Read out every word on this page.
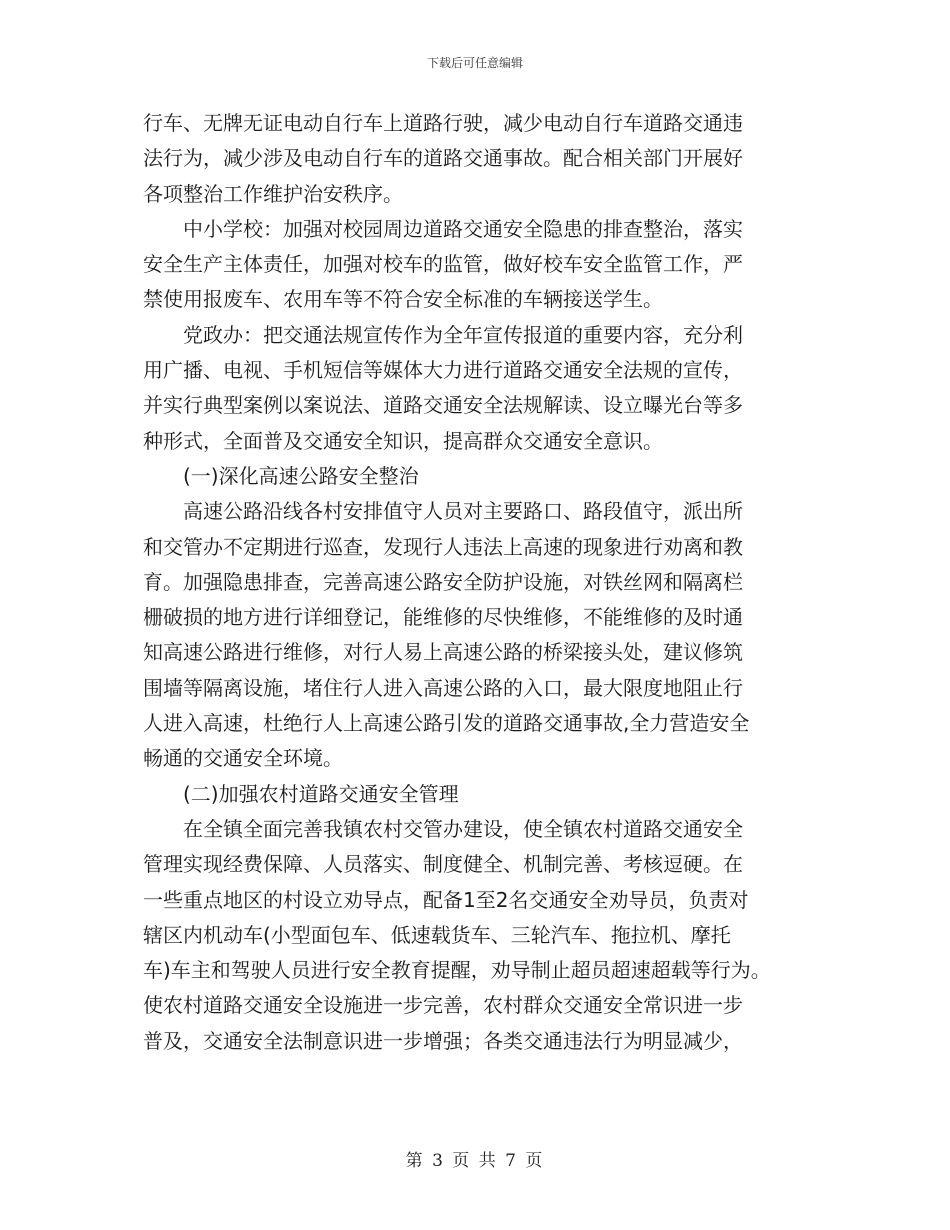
下载后可任意编辑
行车、无牌无证电动自行车上道路行驶，减少电动自行车道路交通违
法行为，减少涉及电动自行车的道路交通事故。配合相关部门开展好
各项整治工作维护治安秩序。
中小学校：加强对校园周边道路交通安全隐患的排查整治，落实
安全生产主体责任，加强对校车的监管，做好校车安全监管工作，严
禁使用报废车、农用车等不符合安全标准的车辆接送学生。
党政办：把交通法规宣传作为全年宣传报道的重要内容，充分利
用广播、电视、手机短信等媒体大力进行道路交通安全法规的宣传，
并实行典型案例以案说法、道路交通安全法规解读、设立曝光台等多
种形式，全面普及交通安全知识，提高群众交通安全意识。
(一)深化高速公路安全整治
高速公路沿线各村安排值守人员对主要路口、路段值守，派出所
和交管办不定期进行巡查，发现行人违法上高速的现象进行劝离和教
育。加强隐患排查，完善高速公路安全防护设施，对铁丝网和隔离栏
栅破损的地方进行详细登记，能维修的尽快维修，不能维修的及时通
知高速公路进行维修，对行人易上高速公路的桥梁接头处，建议修筑
围墙等隔离设施，堵住行人进入高速公路的入口，最大限度地阻止行
人进入高速，杜绝行人上高速公路引发的道路交通事故,全力营造安全
畅通的交通安全环境。
(二)加强农村道路交通安全管理
在全镇全面完善我镇农村交管办建设，使全镇农村道路交通安全
管理实现经费保障、人员落实、制度健全、机制完善、考核逗硬。在
一些重点地区的村设立劝导点，配备1至2名交通安全劝导员，负责对
辖区内机动车(小型面包车、低速载货车、三轮汽车、拖拉机、摩托
车)车主和驾驶人员进行安全教育提醒，劝导制止超员超速超载等行为。
使农村道路交通安全设施进一步完善，农村群众交通安全常识进一步
普及，交通安全法制意识进一步增强；各类交通违法行为明显减少，
第 3 页 共 7 页
